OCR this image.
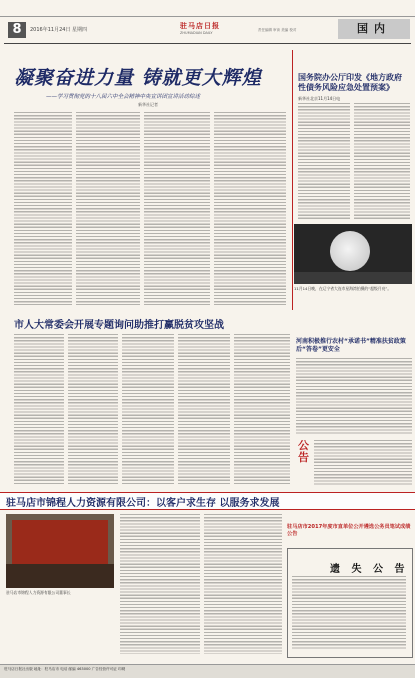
8	2016年11月24日 星期四	驻马店日报
ZHUMADIAN DAILY
责任编辑 审读 美编 校对	国内
凝聚奋进力量 铸就更大辉煌
——学习贯彻党的十八届六中全会精神中央宣讲团宣讲活动综述
新华社记者
国务院办公厅印发《地方政府性债务风险应急处置预案》
新华社北京11月14日电
11月14日晚，在辽宁省大连市星海湾拍摄的“超级月亮”。
市人大常委会开展专题询问助推打赢脱贫攻坚战
河南积极推行农村“承诺书”精准扶贫政策后“答卷”更安全
公告
驻马店市锦程人力资源有限公司：以客户求生存 以服务求发展
驻马店市锦程人力资源有限公司董事长
驻马店市2017年度市直单位公开遴选公务员笔试成绩公告
遗 失 公 告
驻马店日报社出版 地址：驻马店市 电话 邮编 463000 广告经营许可证 印刷
